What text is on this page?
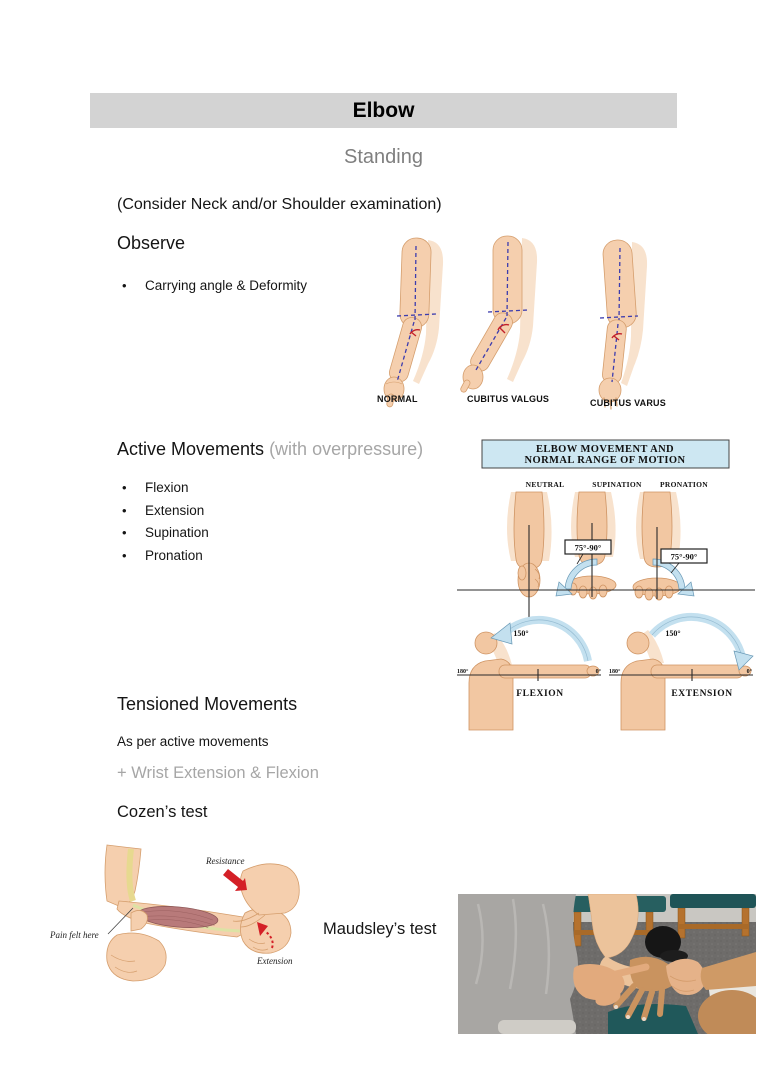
Elbow
Standing
(Consider Neck and/or Shoulder examination)
Observe
• Carrying angle & Deformity
NORMAL	CUBITUS VALGUS	CUBITUS VARUS
Active Movements (with overpressure)
• Flexion
• Extension
• Supination
• Pronation
ELBOW MOVEMENT AND
NORMAL RANGE OF MOTION
NEUTRAL	SUPINATION PRONATION
75°-90°
75°-90°
150°
180°	0°
FLEXION
150°
180°	0°
EXTENSION
Tensioned Movements
As per active movements
+ Wrist Extension & Flexion
Cozen’s test
Resistance
Pain felt here
Extension
Maudsley’s test
